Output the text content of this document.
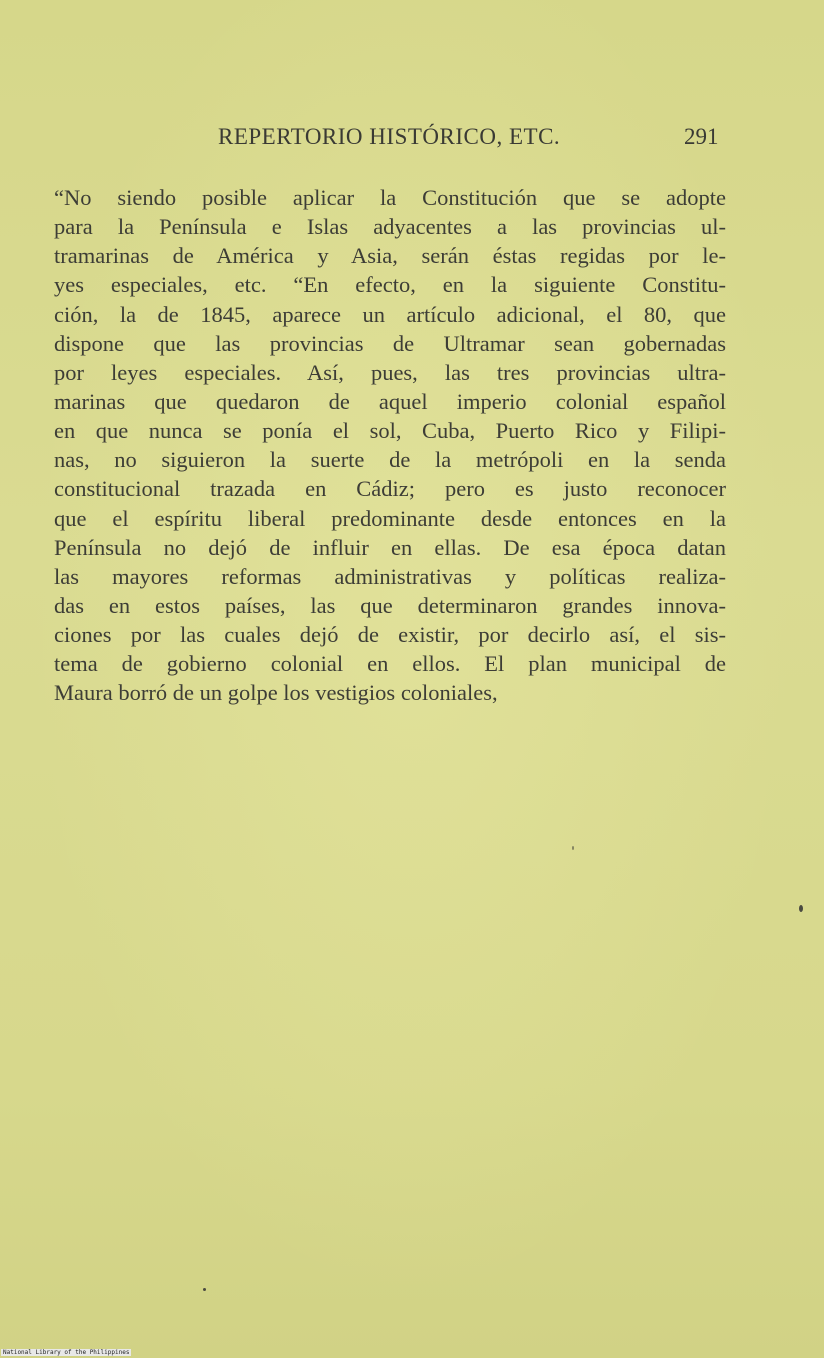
REPERTORIO HISTÓRICO, ETC.	291
“No siendo posible aplicar la Constitución que se adopte
para la Península e Islas adyacentes a las provincias ul-
tramarinas de América y Asia, serán éstas regidas por le-
yes especiales, etc. “En efecto, en la siguiente Constitu-
ción, la de 1845, aparece un artículo adicional, el 80, que
dispone que las provincias de Ultramar sean gobernadas
por leyes especiales. Así, pues, las tres provincias ultra-
marinas que quedaron de aquel imperio colonial español
en que nunca se ponía el sol, Cuba, Puerto Rico y Filipi-
nas, no siguieron la suerte de la metrópoli en la senda
constitucional trazada en Cádiz; pero es justo reconocer
que el espíritu liberal predominante desde entonces en la
Península no dejó de influir en ellas. De esa época datan
las mayores reformas administrativas y políticas realiza-
das en estos países, las que determinaron grandes innova-
ciones por las cuales dejó de existir, por decirlo así, el sis-
tema de gobierno colonial en ellos. El plan municipal de
Maura borró de un golpe los vestigios coloniales,
National Library of the Philippines
